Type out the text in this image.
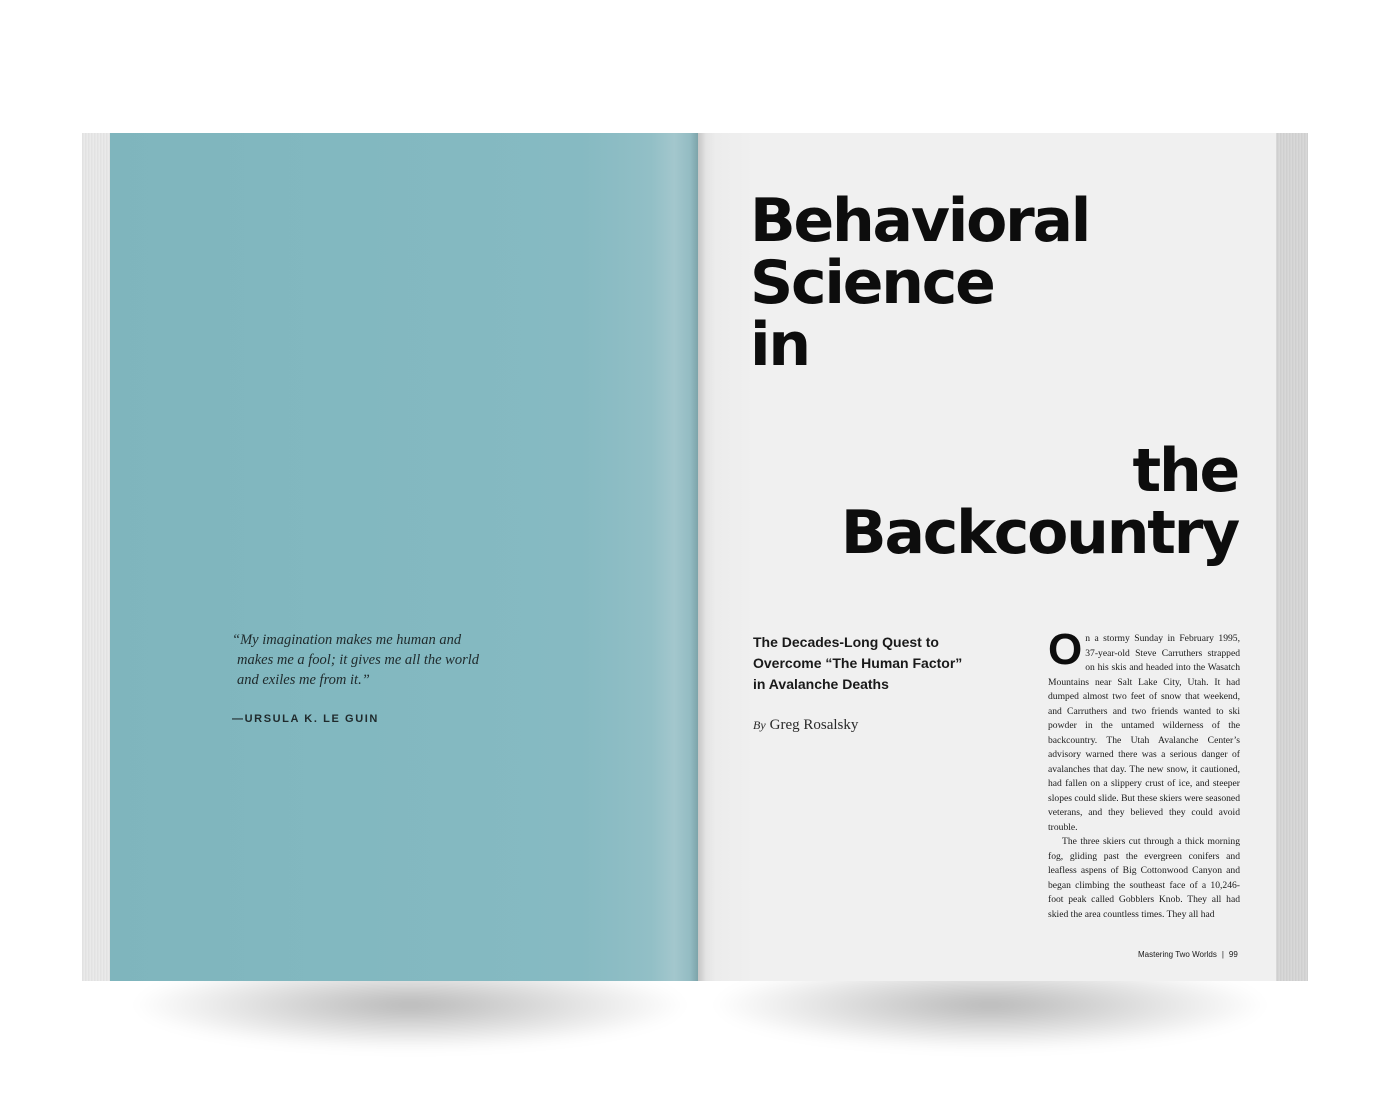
“My imagination makes me human and
makes me a fool; it gives me all the world
and exiles me from it.”
—URSULA K. LE GUIN
Behavioral
Science
in
the
Backcountry
The Decades-Long Quest to
Overcome “The Human Factor”
in Avalanche Deaths
By Greg Rosalsky

On a stormy Sunday in February 1995, 37-year-old Steve Carruthers strapped on his skis and headed into the Wasatch Mountains near Salt Lake City, Utah. It had dumped almost two feet of snow that weekend, and Carruthers and two friends wanted to ski powder in the untamed wilderness of the backcountry. The Utah Avalanche Center’s advisory warned there was a serious danger of avalanches that day. The new snow, it cautioned, had fallen on a slippery crust of ice, and steeper slopes could slide. But these skiers were seasoned veterans, and they believed they could avoid trouble.

The three skiers cut through a thick morning fog, gliding past the evergreen conifers and leafless aspens of Big Cottonwood Canyon and began climbing the southeast face of a 10,246-foot peak called Gobblers Knob. They all had skied the area countless times. They all had

Mastering Two Worlds | 99
